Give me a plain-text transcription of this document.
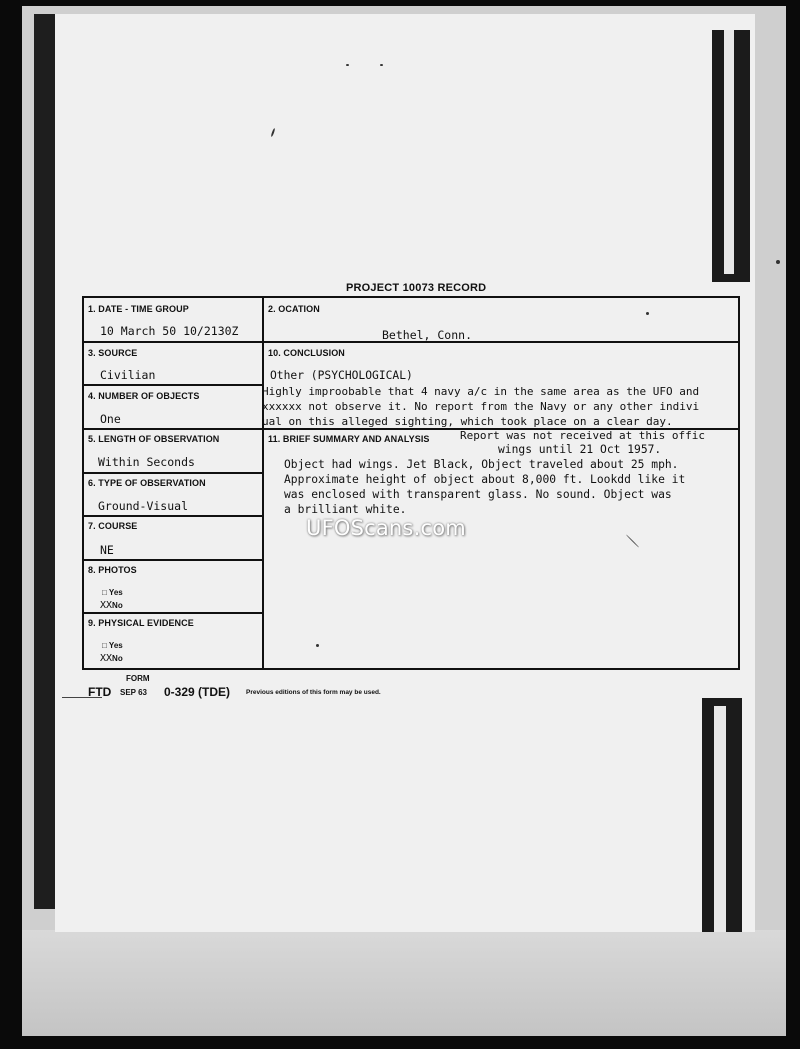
PROJECT 10073 RECORD
1. DATE - TIME GROUP
10 March 50 10/2130Z
2. OCATION
Bethel, Conn.
3. SOURCE
Civilian
4. NUMBER OF OBJECTS
One
5. LENGTH OF OBSERVATION
Within Seconds
6. TYPE OF OBSERVATION
Ground-Visual
7. COURSE
NE
8. PHOTOS
□ Yes
XXNo
9. PHYSICAL EVIDENCE
□ Yes
XXNo
10. CONCLUSION
Other (PSYCHOLOGICAL)
Highly improobable that 4 navy a/c in the same area as the UFO and
xxxxxx not observe it. No report from the Navy or any other indivi
ual on this alleged sighting, which took place on a clear day.
11. BRIEF SUMMARY AND ANALYSIS	Report was not received at this offic
wings until 21 Oct 1957.
Object had wings. Jet Black, Object traveled about 25 mph.
Approximate height of object about 8,000 ft. Lookdd like it
was enclosed with transparent glass. No sound. Object was
a brilliant white.
UFOScans.com
FORM
FTD SEP 63 0-329 (TDE) Previous editions of this form may be used.
